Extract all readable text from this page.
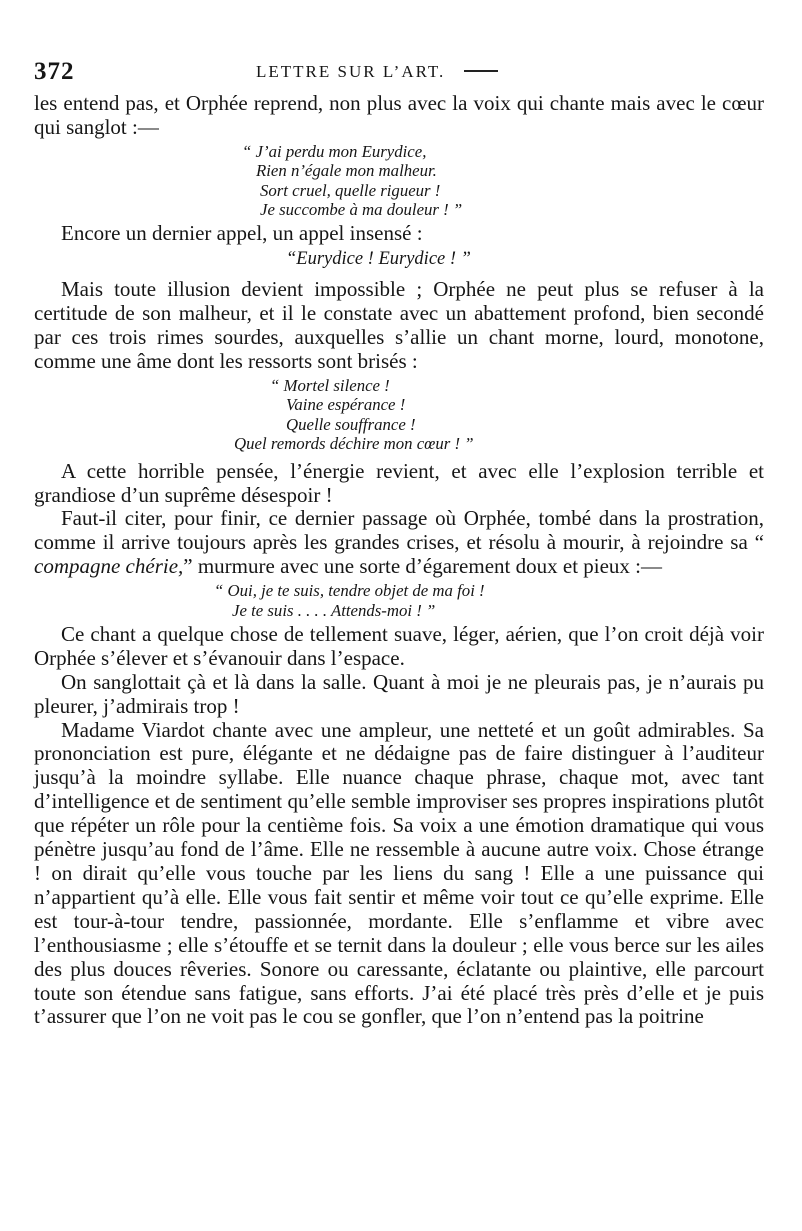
372	LETTRE SUR L’ART.

les entend pas, et Orphée reprend, non plus avec la voix qui chante mais avec le cœur qui sanglot :—

“ J’ai perdu mon Eurydice,
Rien n’égale mon malheur.
Sort cruel, quelle rigueur !
Je succombe à ma douleur ! ”

Encore un dernier appel, un appel insensé :

“Eurydice ! Eurydice ! ”

Mais toute illusion devient impossible ; Orphée ne peut plus se refuser à la certitude de son malheur, et il le constate avec un abattement profond, bien secondé par ces trois rimes sourdes, auxquelles s’allie un chant morne, lourd, monotone, comme une âme dont les ressorts sont brisés :

“ Mortel silence !
Vaine espérance !
Quelle souffrance !
Quel remords déchire mon cœur ! ”

A cette horrible pensée, l’énergie revient, et avec elle l’explosion terrible et grandiose d’un suprême désespoir !

Faut-il citer, pour finir, ce dernier passage où Orphée, tombé dans la prostration, comme il arrive toujours après les grandes crises, et résolu à mourir, à rejoindre sa “ compagne chérie,” murmure avec une sorte d’égarement doux et pieux :—

“ Oui, je te suis, tendre objet de ma foi !
Je te suis . . . . Attends-moi ! ”

Ce chant a quelque chose de tellement suave, léger, aérien, que l’on croit déjà voir Orphée s’élever et s’évanouir dans l’espace.

On sanglottait çà et là dans la salle. Quant à moi je ne pleurais pas, je n’aurais pu pleurer, j’admirais trop !

Madame Viardot chante avec une ampleur, une netteté et un goût admirables. Sa prononciation est pure, élégante et ne dédaigne pas de faire distinguer à l’auditeur jusqu’à la moindre syllabe. Elle nuance chaque phrase, chaque mot, avec tant d’intelligence et de sentiment qu’elle semble improviser ses propres inspirations plutôt que répéter un rôle pour la centième fois. Sa voix a une émotion dramatique qui vous pénètre jusqu’au fond de l’âme. Elle ne ressemble à aucune autre voix. Chose étrange ! on dirait qu’elle vous touche par les liens du sang ! Elle a une puissance qui n’appartient qu’à elle. Elle vous fait sentir et même voir tout ce qu’elle exprime. Elle est tour-à-tour tendre, passionnée, mordante. Elle s’enflamme et vibre avec l’enthousiasme ; elle s’étouffe et se ternit dans la douleur ; elle vous berce sur les ailes des plus douces rêveries. Sonore ou caressante, éclatante ou plaintive, elle parcourt toute son étendue sans fatigue, sans efforts. J’ai été placé très près d’elle et je puis t’assurer que l’on ne voit pas le cou se gonfler, que l’on n’entend pas la poitrine
